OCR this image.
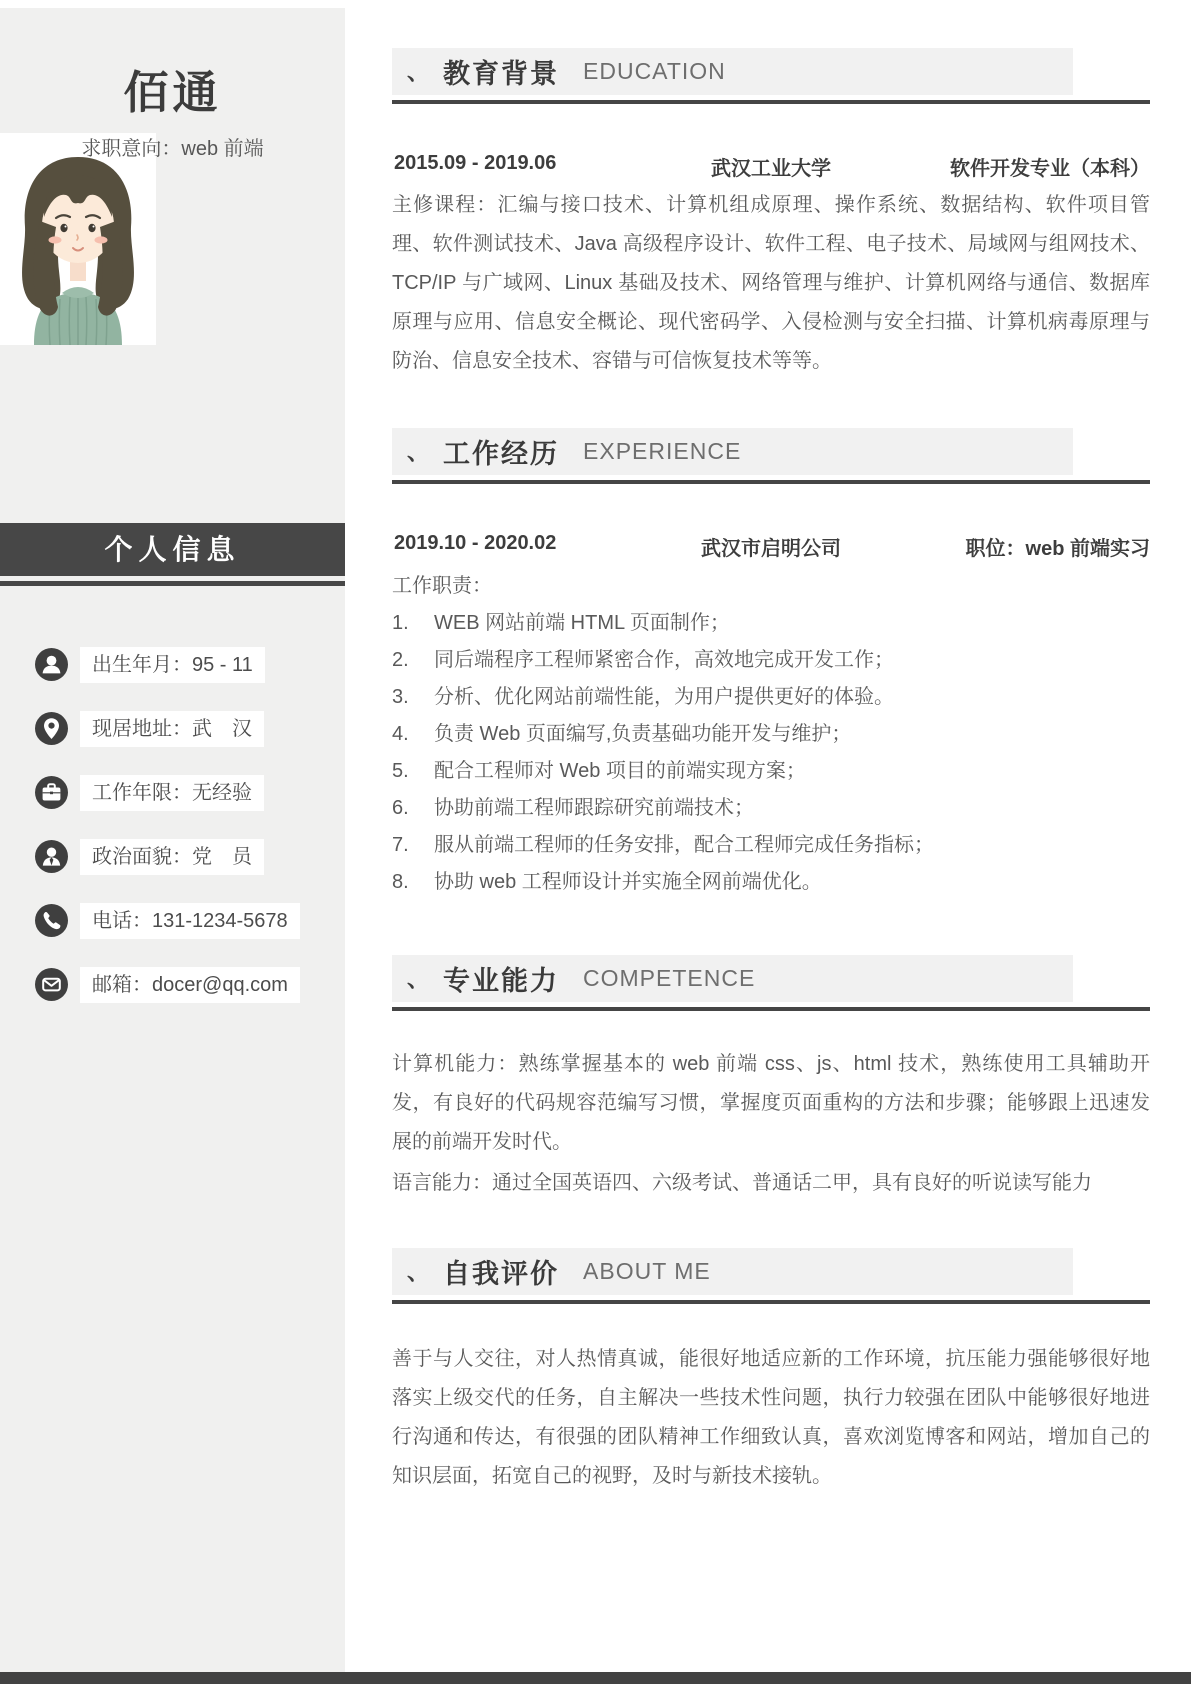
佰通
求职意向：web 前端
个人信息
出生年月：95 - 11
现居地址：武　汉
工作年限：无经验
政治面貌：党　员
电话：131-1234-5678
邮箱：docer@qq.com
、 教育背景 EDUCATION
2015.09 - 2019.06	武汉工业大学	软件开发专业（本科）

主修课程：汇编与接口技术、计算机组成原理、操作系统、数据结构、软件项目管理、软件测试技术、Java 高级程序设计、软件工程、电子技术、局域网与组网技术、TCP/IP 与广域网、Linux 基础及技术、网络管理与维护、计算机网络与通信、数据库原理与应用、信息安全概论、现代密码学、入侵检测与安全扫描、计算机病毒原理与防治、信息安全技术、容错与可信恢复技术等等。

、 工作经历 EXPERIENCE
2019.10 - 2020.02	武汉市启明公司	职位：web 前端实习
工作职责：
1.	WEB 网站前端 HTML 页面制作；
2.	同后端程序工程师紧密合作，高效地完成开发工作；
3.	分析、优化网站前端性能，为用户提供更好的体验。
4.	负责 Web 页面编写,负责基础功能开发与维护；
5.	配合工程师对 Web 项目的前端实现方案；
6.	协助前端工程师跟踪研究前端技术；
7.	服从前端工程师的任务安排，配合工程师完成任务指标；
8.	协助 web 工程师设计并实施全网前端优化。
、 专业能力 COMPETENCE

计算机能力：熟练掌握基本的 web 前端 css、js、html 技术，熟练使用工具辅助开发，有良好的代码规容范编写习惯，掌握度页面重构的方法和步骤；能够跟上迅速发展的前端开发时代。

语言能力：通过全国英语四、六级考试、普通话二甲，具有良好的听说读写能力

、 自我评价 ABOUT ME

善于与人交往，对人热情真诚，能很好地适应新的工作环境，抗压能力强能够很好地落实上级交代的任务，自主解决一些技术性问题，执行力较强在团队中能够很好地进行沟通和传达，有很强的团队精神工作细致认真，喜欢浏览博客和网站，增加自己的知识层面，拓宽自己的视野，及时与新技术接轨。
